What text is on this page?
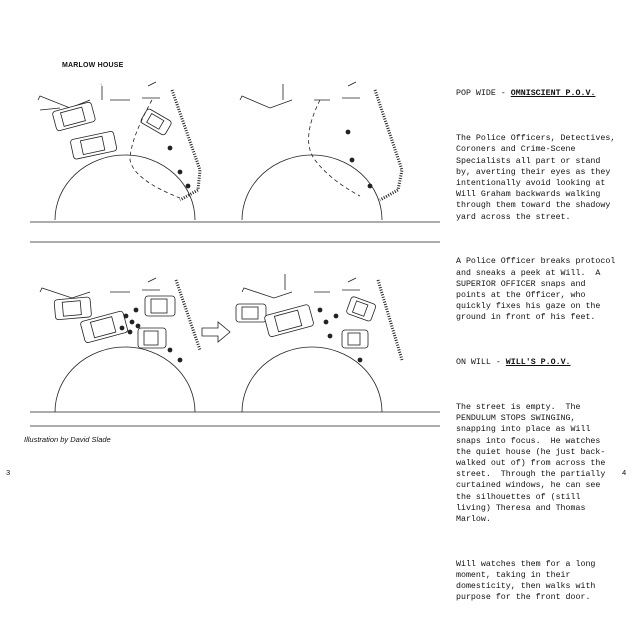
MARLOW HOUSE
↑

POP WIDE - OMNISCIENT P.O.V.

The Police Officers, Detectives,
Coroners and Crime-Scene
Specialists all part or stand
by, averting their eyes as they
intentionally avoid looking at
Will Graham backwards walking
through them toward the shadowy
yard across the street.

A Police Officer breaks protocol
and sneaks a peek at Will.  A
SUPERIOR OFFICER snaps and
points at the Officer, who
quickly fixes his gaze on the
ground in front of his feet.

ON WILL - WILL'S P.O.V.

The street is empty.  The
PENDULUM STOPS SWINGING,
snapping into place as Will
snaps into focus.  He watches
the quiet house (he just back-
walked out of) from across the
street.  Through the partially
curtained windows, he can see
the silhouettes of (still
living) Theresa and Thomas
Marlow.

Will watches them for a long
moment, taking in their
domesticity, then walks with
purpose for the front door.

Illustration by David Slade
3	4
